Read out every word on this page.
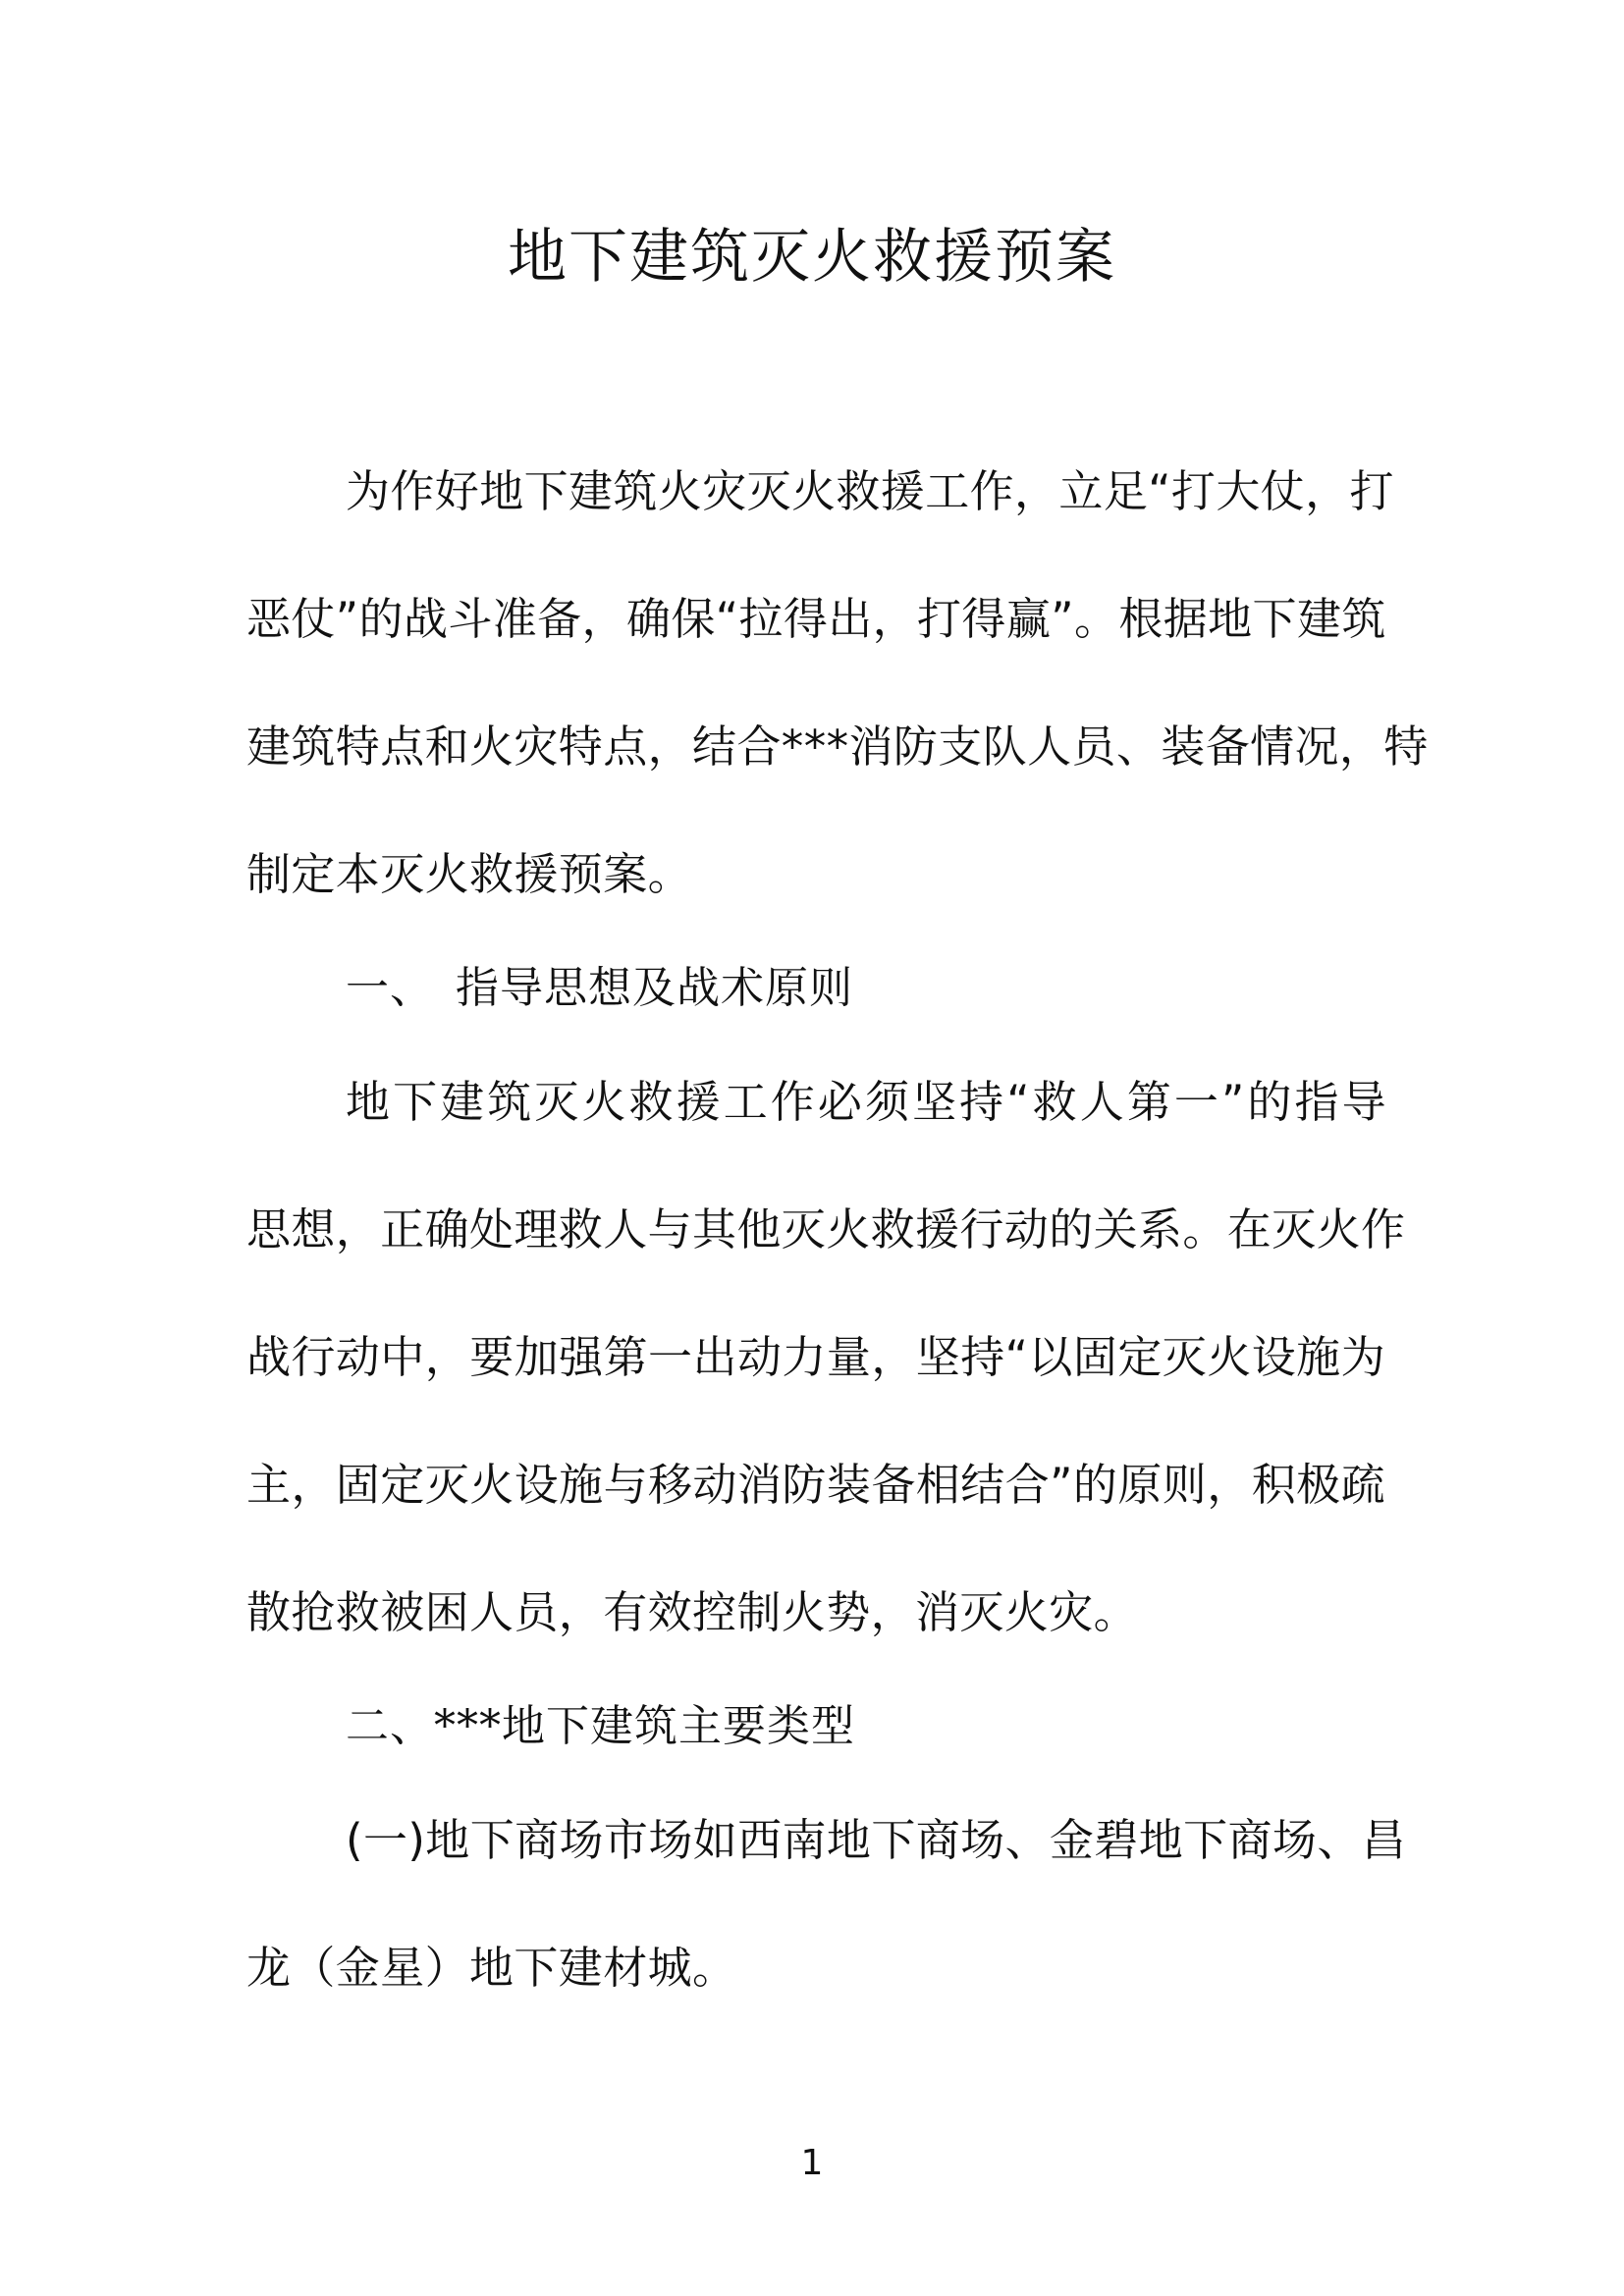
地下建筑灭火救援预案

为作好地下建筑火灾灭火救援工作，立足“打大仗，打

恶仗”的战斗准备，确保“拉得出，打得赢”。根据地下建筑

建筑特点和火灾特点，结合***消防支队人员、装备情况，特

制定本灭火救援预案。

一、 指导思想及战术原则

地下建筑灭火救援工作必须坚持“救人第一”的指导

思想，正确处理救人与其他灭火救援行动的关系。在灭火作

战行动中，要加强第一出动力量，坚持“以固定灭火设施为

主，固定灭火设施与移动消防装备相结合”的原则，积极疏

散抢救被困人员，有效控制火势，消灭火灾。

二、***地下建筑主要类型

(一)地下商场市场如西南地下商场、金碧地下商场、昌

龙（金星）地下建材城。

1
